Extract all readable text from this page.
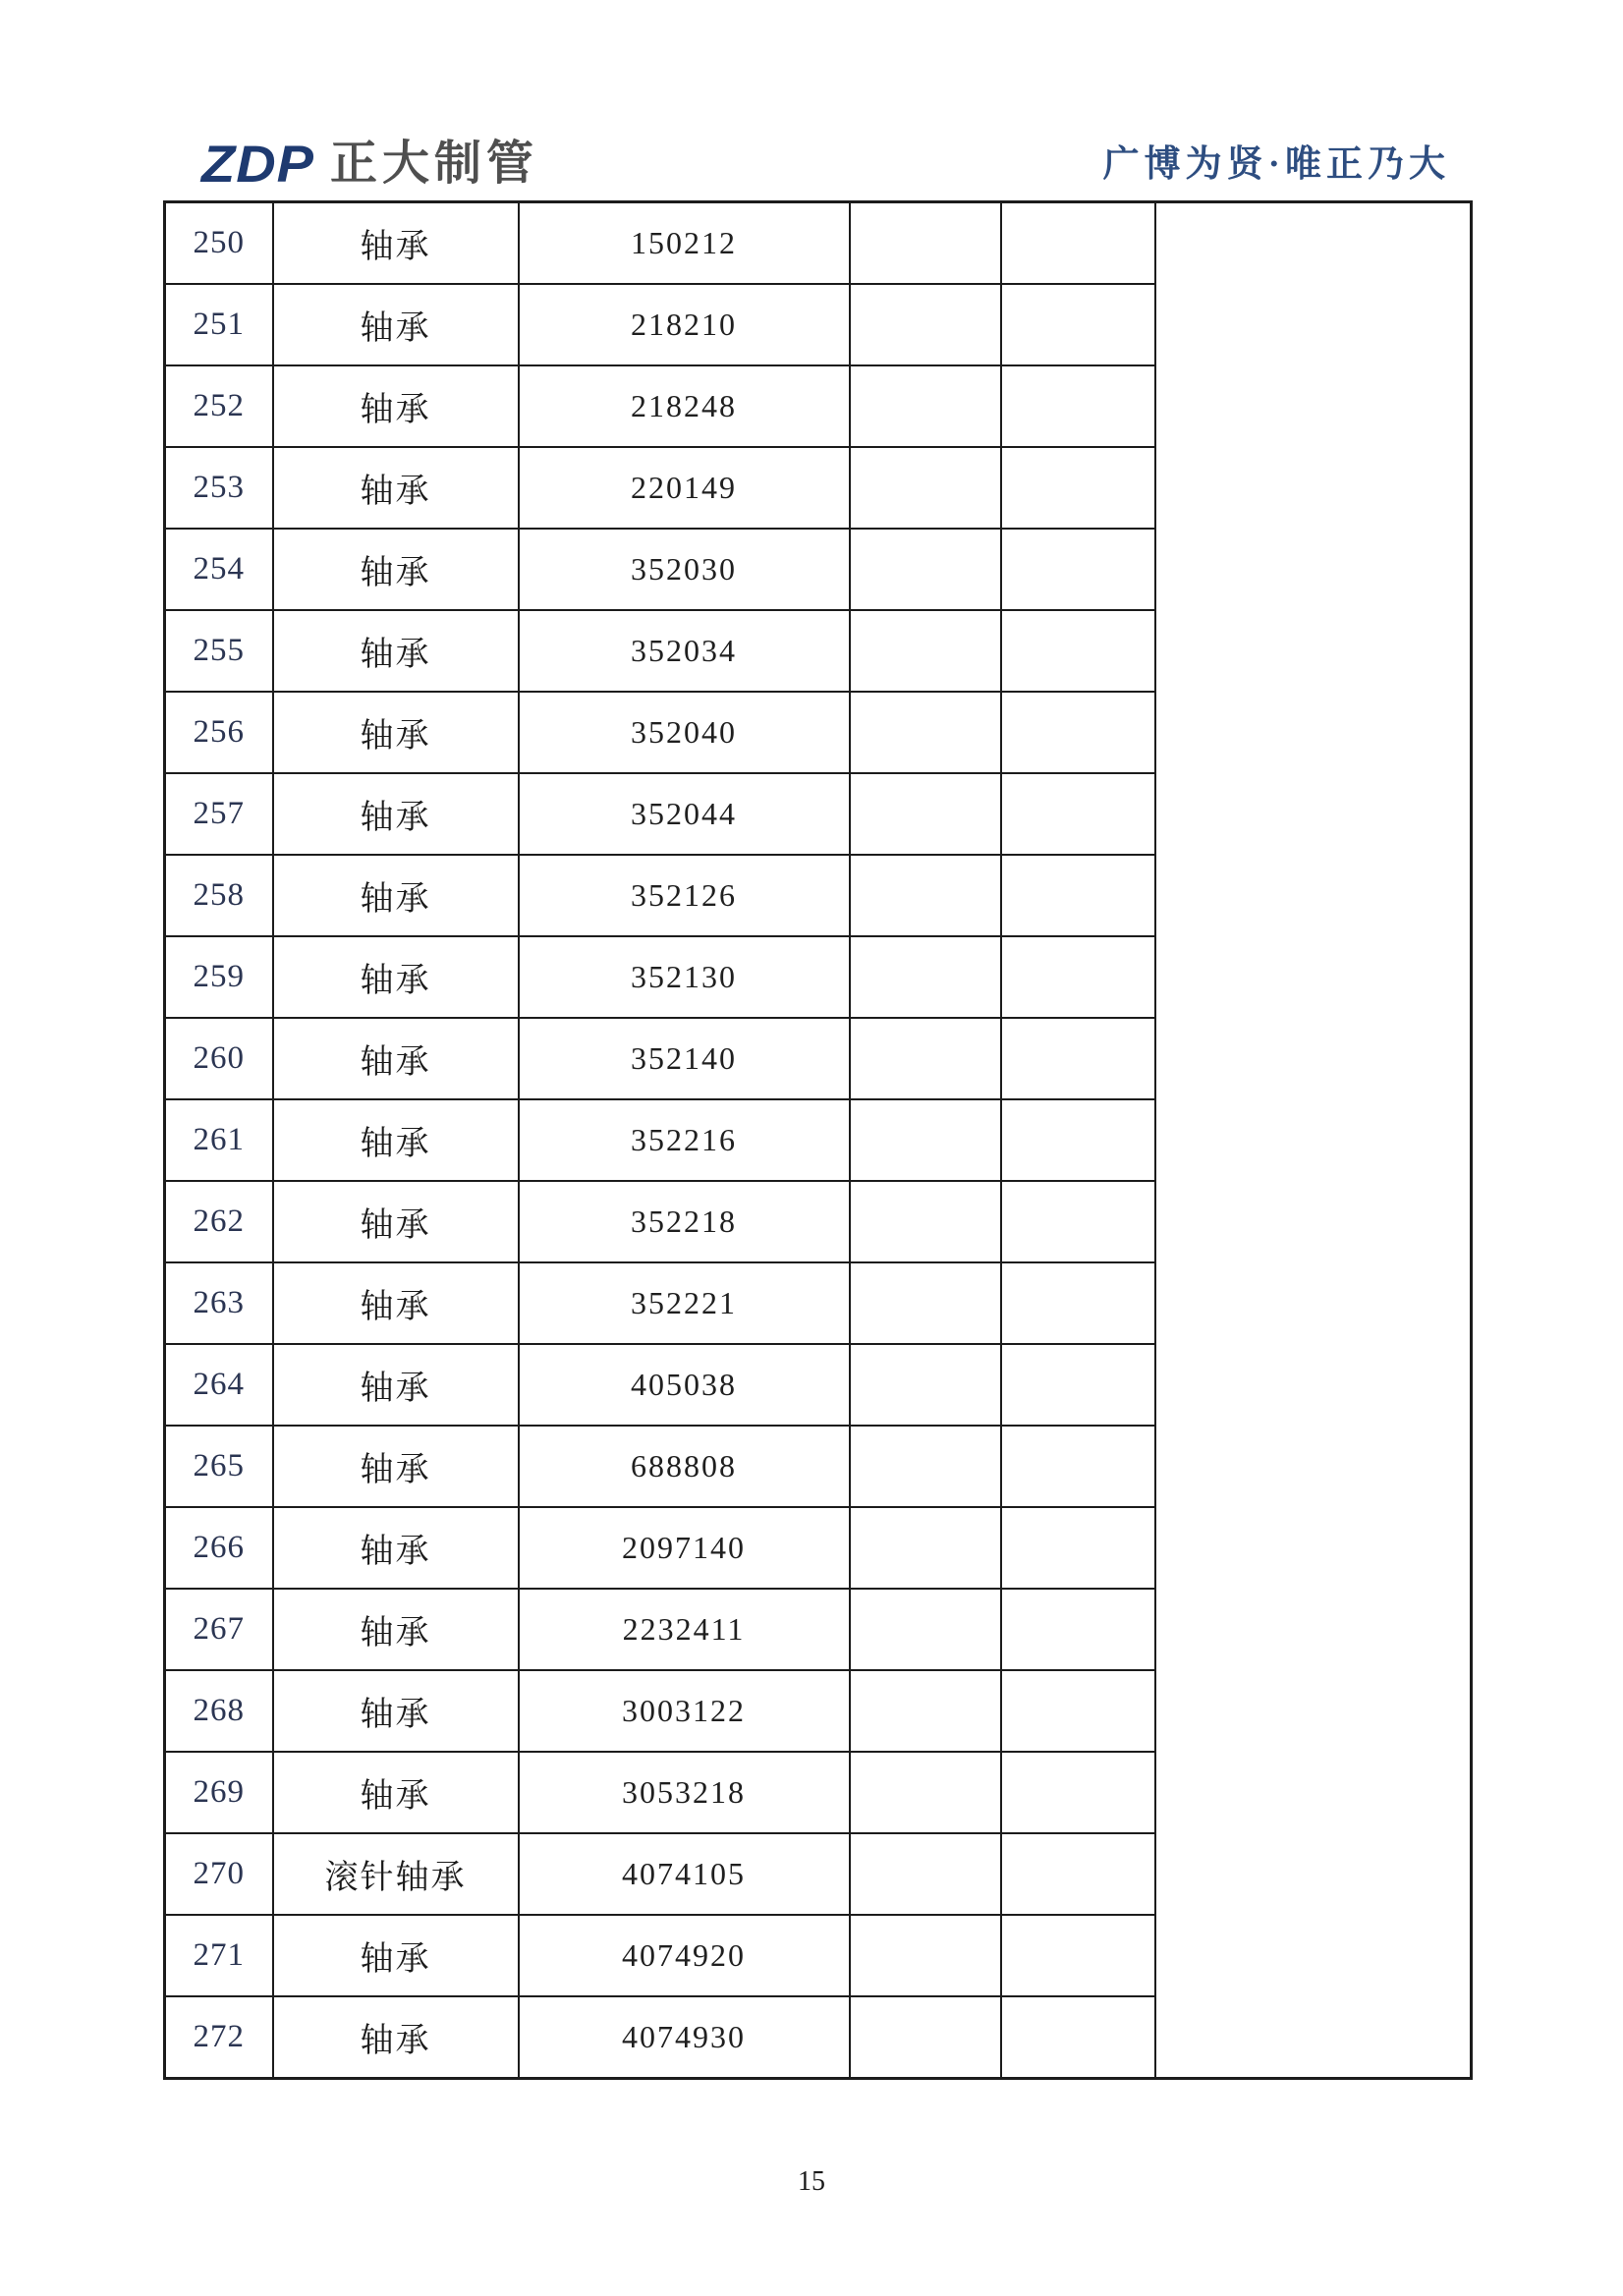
ZDP 正大制管	广博为贤·唯正乃大
250	轴承	150212			
251	轴承	218210			
252	轴承	218248			
253	轴承	220149			
254	轴承	352030			
255	轴承	352034			
256	轴承	352040			
257	轴承	352044			
258	轴承	352126			
259	轴承	352130			
260	轴承	352140			
261	轴承	352216			
262	轴承	352218			
263	轴承	352221			
264	轴承	405038			
265	轴承	688808			
266	轴承	2097140			
267	轴承	2232411			
268	轴承	3003122			
269	轴承	3053218			
270	滚针轴承	4074105			
271	轴承	4074920			
272	轴承	4074930			
15
